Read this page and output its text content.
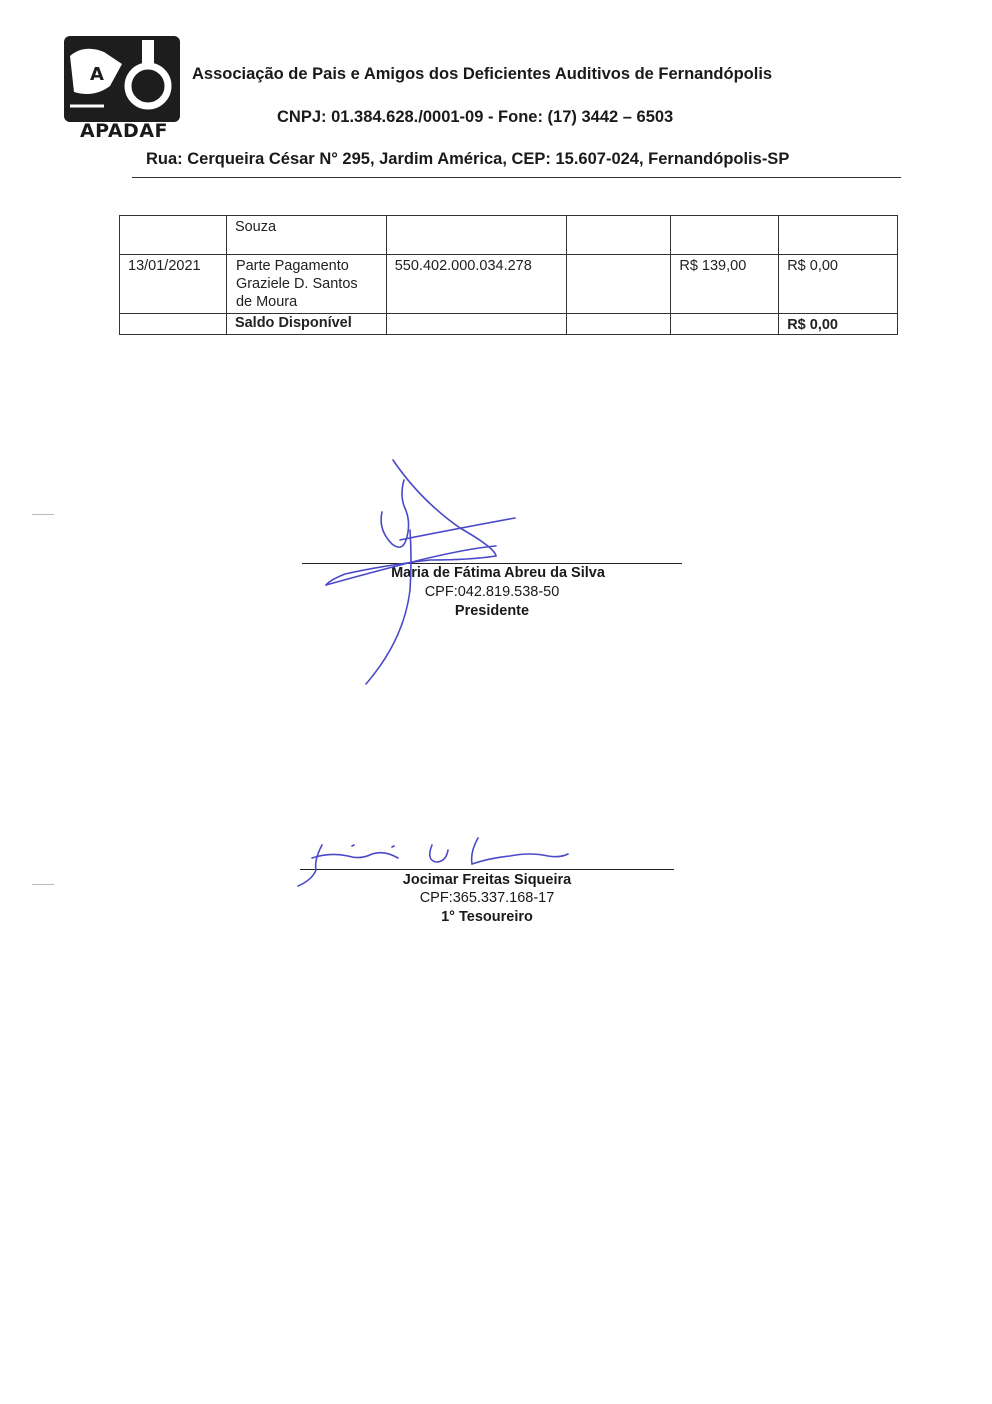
A
APADAF
Associação de Pais e Amigos dos Deficientes Auditivos de Fernandópolis
CNPJ: 01.384.628./0001-09 - Fone: (17) 3442 – 6503
Rua: Cerqueira César N° 295, Jardim América, CEP: 15.607-024, Fernandópolis-SP
	Souza				
13/01/2021	Parte Pagamento
Graziele D. Santos
de Moura	550.402.000.034.278		R$ 139,00	R$ 0,00
	Saldo Disponível				R$ 0,00
Maria de Fátima Abreu da Silva
CPF:042.819.538-50
Presidente
Jocimar Freitas Siqueira
CPF:365.337.168-17
1° Tesoureiro
